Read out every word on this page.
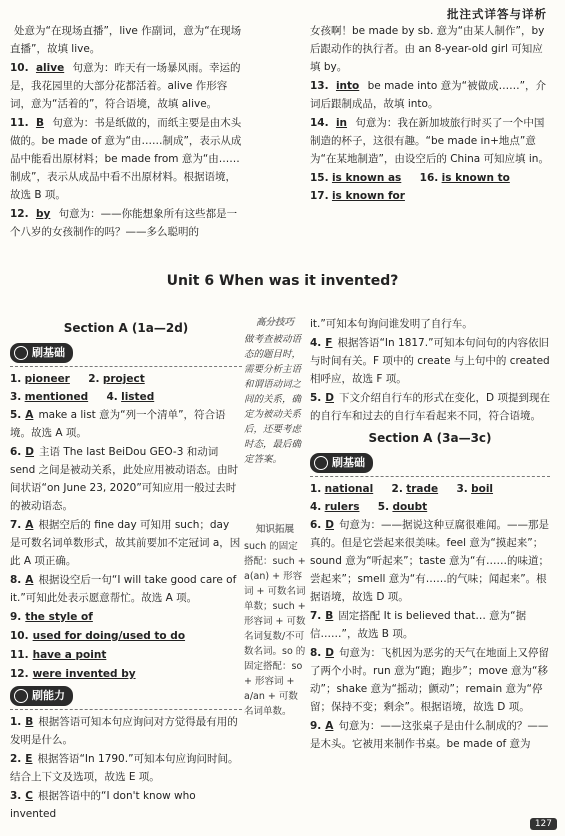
批注式详答与详析
处意为“在现场直播”，live 作副词，意为“在现场直播”，故填 live。
10. alive 句意为：昨天有一场暴风雨。幸运的是，我花园里的大部分花都活着。alive 作形容词，意为“活着的”，符合语境，故填 alive。
11. B 句意为：书是纸做的，而纸主要是由木头做的。be made of 意为“由……制成”，表示从成品中能看出原材料；be made from 意为“由……制成”，表示从成品中看不出原材料。根据语境，故选 B 项。
12. by 句意为：——你能想象所有这些都是一个八岁的女孩制作的吗？——多么聪明的
女孩啊！be made by sb. 意为“由某人制作”，by 后跟动作的执行者。由 an 8-year-old girl 可知应填 by。
13. into be made into 意为“被做成……”，介词后跟制成品，故填 into。
14. in 句意为：我在新加坡旅行时买了一个中国制造的杯子，这很有趣。“be made in+地点”意为“在某地制造”，由设空后的 China 可知应填 in。
15. is known as 16. is known to
17. is known for
Unit 6 When was it invented?
Section A (1a—2d)
刷基础
1. pioneer 2. project
3. mentioned 4. listed
5. A make a list 意为“列一个清单”，符合语境。故选 A 项。
6. D 主语 The last BeiDou GEO-3 和动词 send 之间是被动关系，此处应用被动语态。由时间状语“on June 23, 2020”可知应用一般过去时的被动语态。
7. A 根据空后的 fine day 可知用 such；day 是可数名词单数形式，故其前要加不定冠词 a，因此 A 项正确。
8. A 根据设空后一句“I will take good care of it.”可知此处表示愿意帮忙。故选 A 项。
9. the style of
10. used for doing/used to do
11. have a point
12. were invented by
刷能力
1. B 根据答语可知本句应询问对方觉得最有用的发明是什么。
2. E 根据答语“In 1790.”可知本句应询问时间。结合上下文及选项，故选 E 项。
3. C 根据答语中的“I don't know who invented
高分技巧
做考查被动语态的题目时，需要分析主语和谓语动词之间的关系，确定为被动关系后，还要考虑时态，最后确定答案。
知识拓展
such 的固定搭配：such + a(an) + 形容词 + 可数名词单数；such + 形容词 + 可数名词复数/不可数名词。so 的固定搭配：so + 形容词 + a/an + 可数名词单数。
it.”可知本句询问谁发明了自行车。
4. F 根据答语“In 1817.”可知本句问句的内容依旧与时间有关。F 项中的 create 与上句中的 created 相呼应，故选 F 项。
5. D 下文介绍自行车的形式在变化，D 项提到现在的自行车和过去的自行车看起来不同，符合语境。
Section A (3a—3c)
刷基础
1. national 2. trade 3. boil
4. rulers 5. doubt
6. D 句意为：——据说这种豆腐很难闻。——那是真的。但是它尝起来很美味。feel 意为“摸起来”；sound 意为“听起来”；taste 意为“有……的味道；尝起来”；smell 意为“有……的气味；闻起来”。根据语境，故选 D 项。
7. B 固定搭配 It is believed that… 意为“据信……”，故选 B 项。
8. D 句意为：飞机因为恶劣的天气在地面上又停留了两个小时。run 意为“跑；跑步”；move 意为“移动”；shake 意为“摇动；颤动”；remain 意为“停留；保持不变；剩余”。根据语境，故选 D 项。
9. A 句意为：——这张桌子是由什么制成的？——是木头。它被用来制作书桌。be made of 意为
127
